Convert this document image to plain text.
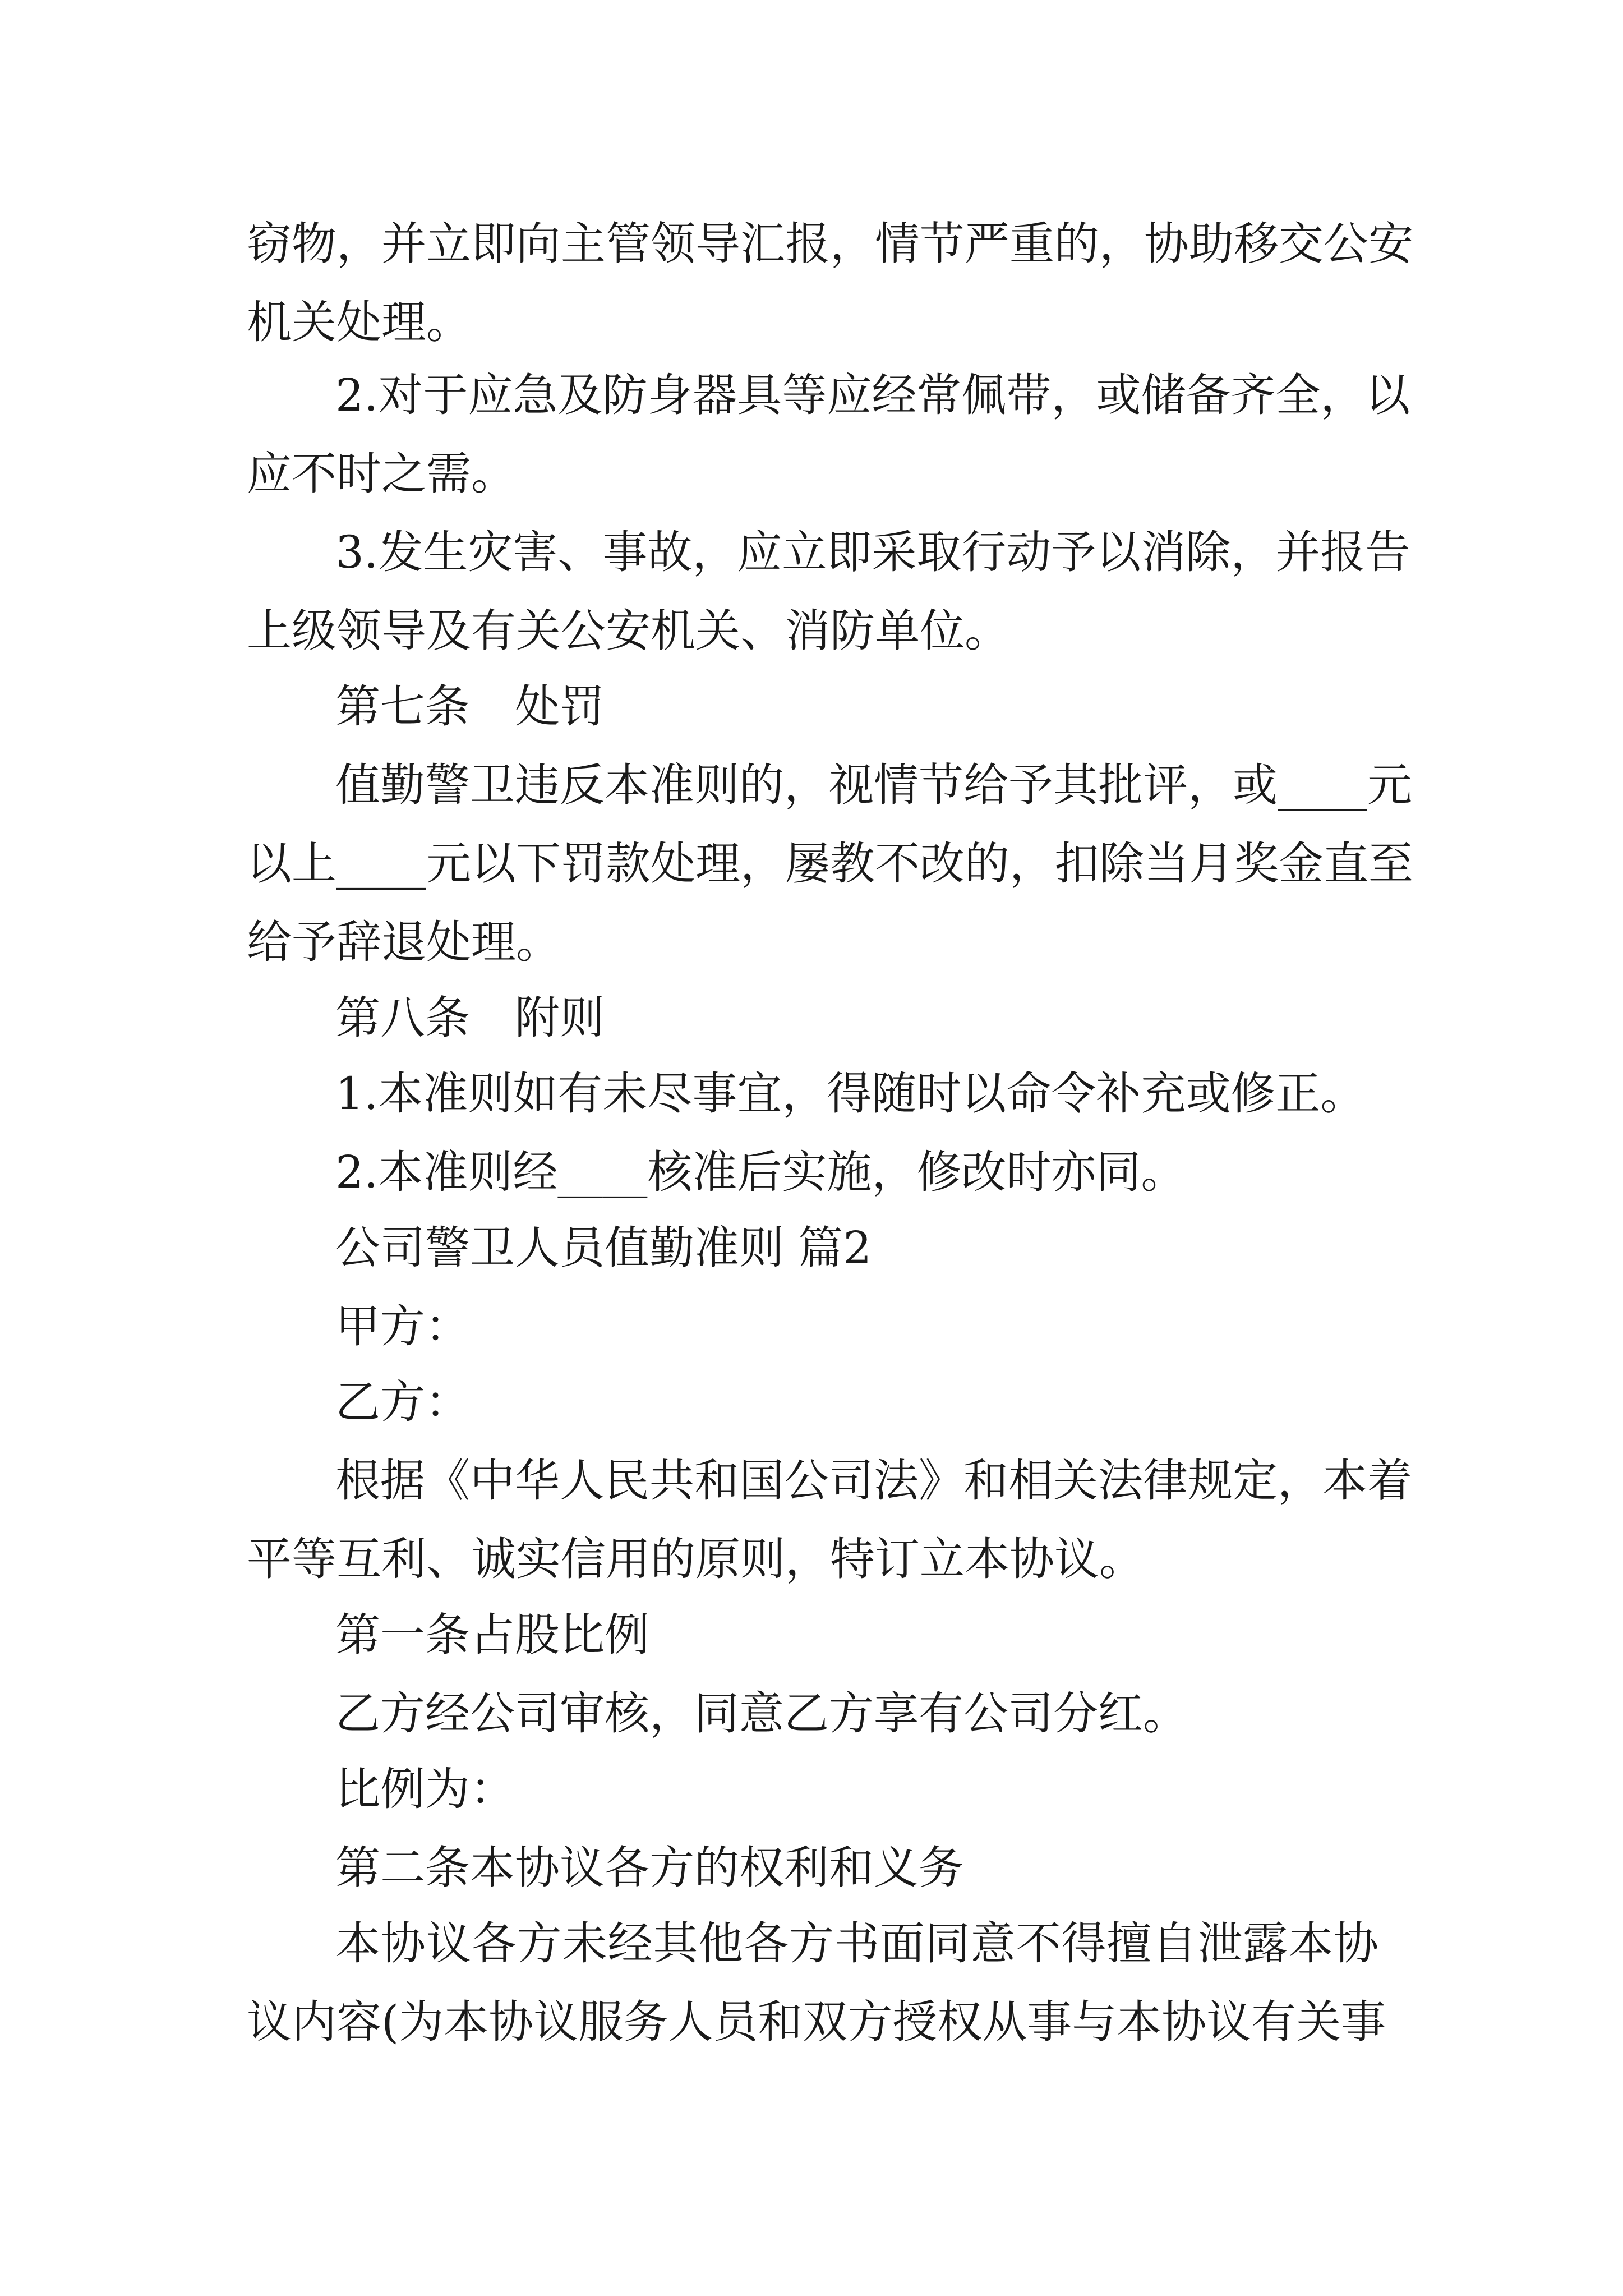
窃物，并立即向主管领导汇报，情节严重的，协助移交公安

机关处理。

2.对于应急及防身器具等应经常佩带，或储备齐全，以

应不时之需。

3.发生灾害、事故，应立即采取行动予以消除，并报告

上级领导及有关公安机关、消防单位。

第七条　处罚

值勤警卫违反本准则的，视情节给予其批评，或____元

以上____元以下罚款处理，屡教不改的，扣除当月奖金直至

给予辞退处理。

第八条　附则

1.本准则如有未尽事宜，得随时以命令补充或修正。

2.本准则经____核准后实施，修改时亦同。

公司警卫人员值勤准则 篇2

甲方：

乙方：

根据《中华人民共和国公司法》和相关法律规定，本着

平等互利、诚实信用的原则，特订立本协议。

第一条占股比例

乙方经公司审核，同意乙方享有公司分红。

比例为：

第二条本协议各方的权利和义务

本协议各方未经其他各方书面同意不得擅自泄露本协

议内容(为本协议服务人员和双方授权从事与本协议有关事
